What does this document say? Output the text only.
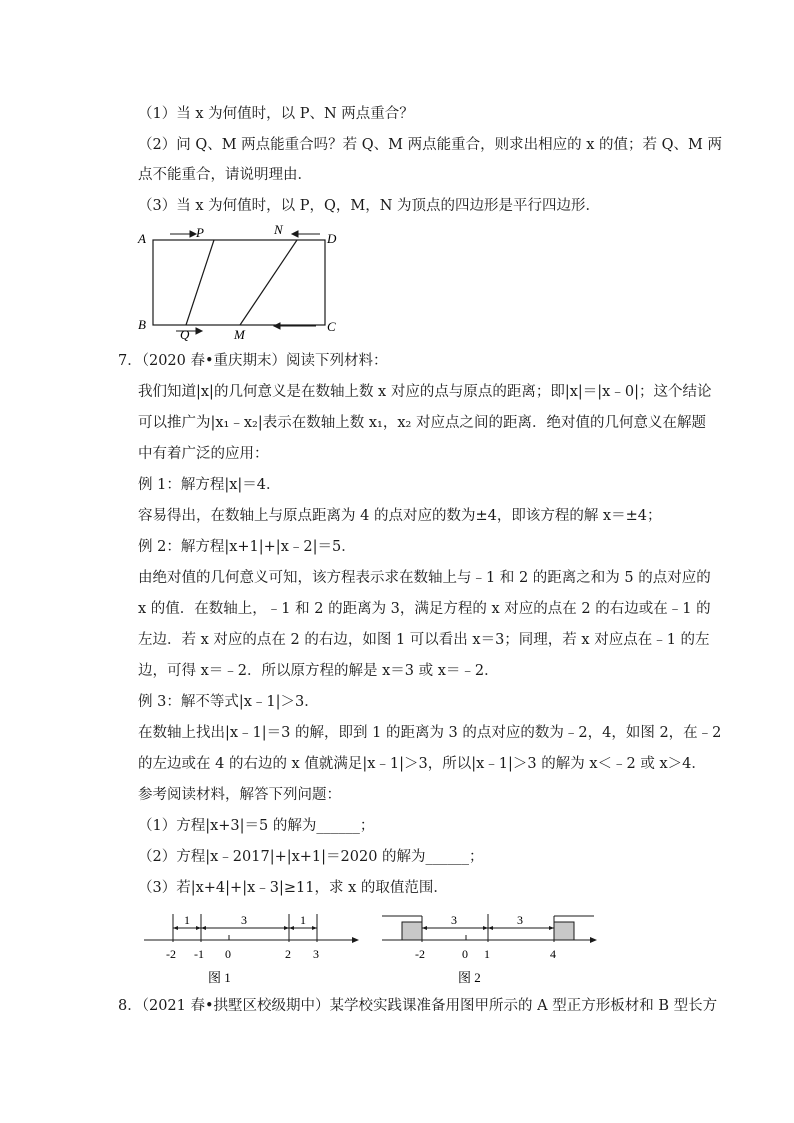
（1）当 x 为何值时，以 P、N 两点重合？
（2）问 Q、M 两点能重合吗？若 Q、M 两点能重合，则求出相应的 x 的值；若 Q、M 两
点不能重合，请说明理由．
（3）当 x 为何值时，以 P，Q，M，N 为顶点的四边形是平行四边形．
A	P	N
D
B
Q	M
C
7．（2020 春•重庆期末）阅读下列材料：
我们知道|x|的几何意义是在数轴上数 x 对应的点与原点的距离；即|x|＝|x﹣0|；这个结论
可以推广为|x₁﹣x₂|表示在数轴上数 x₁，x₂ 对应点之间的距离．绝对值的几何意义在解题
中有着广泛的应用：
例 1：解方程|x|＝4．
容易得出，在数轴上与原点距离为 4 的点对应的数为±4，即该方程的解 x＝±4；
例 2：解方程|x+1|+|x﹣2|＝5．
由绝对值的几何意义可知，该方程表示求在数轴上与﹣1 和 2 的距离之和为 5 的点对应的
x 的值．在数轴上，﹣1 和 2 的距离为 3，满足方程的 x 对应的点在 2 的右边或在﹣1 的
左边．若 x 对应的点在 2 的右边，如图 1 可以看出 x＝3；同理，若 x 对应点在﹣1 的左
边，可得 x＝﹣2．所以原方程的解是 x＝3 或 x＝﹣2．
例 3：解不等式|x﹣1|＞3．
在数轴上找出|x﹣1|＝3 的解，即到 1 的距离为 3 的点对应的数为﹣2，4，如图 2，在﹣2
的左边或在 4 的右边的 x 值就满足|x﹣1|＞3，所以|x﹣1|＞3 的解为 x＜﹣2 或 x＞4．
参考阅读材料，解答下列问题：
（1）方程|x+3|＝5 的解为______；
（2）方程|x﹣2017|+|x+1|＝2020 的解为______；
（3）若|x+4|+|x﹣3|≥11，求 x 的取值范围．
1	3	1
-2 -1 0	2 3
图 1
3	3
-2	0 1	4
图 2
8．（2021 春•拱墅区校级期中）某学校实践课准备用图甲所示的 A 型正方形板材和 B 型长方
